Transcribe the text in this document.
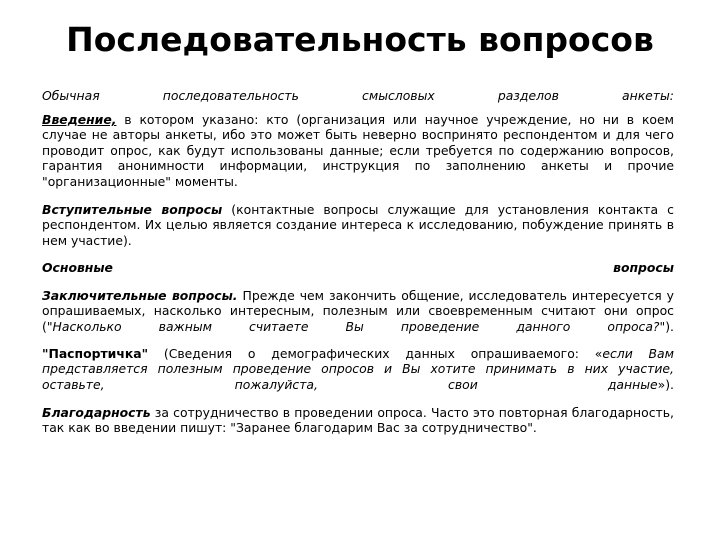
Последовательность вопросов
Обычная	последовательность	смысловых	разделов	анкеты:
Введение, в котором указано: кто (организация или научное учреждение, но ни в коем случае не авторы анкеты, ибо это может быть неверно воспринято респондентом и для чего проводит опрос, как будут использованы данные; если требуется по содержанию вопросов, гарантия анонимности информации, инструкция по заполнению анкеты и прочие "организационные" моменты.
Вступительные вопросы (контактные вопросы служащие для установления контакта с респондентом. Их целью является создание интереса к исследованию, побуждение принять в нем участие).
Основные	вопросы
Заключительные вопросы. Прежде чем закончить общение, исследователь интересуется у опрашиваемых, насколько интересным, полезным или своевременным считают они опрос ("Насколько важным считаете Вы проведение данного опроса?").
"Паспортичка" (Сведения о демографических данных опрашиваемого: «если Вам представляется полезным проведение опросов и Вы хотите принимать в них участие, оставьте, пожалуйста, свои данные»).
Благодарность за сотрудничество в проведении опроса. Часто это повторная благодарность, так как во введении пишут: "Заранее благодарим Вас за сотрудничество".
